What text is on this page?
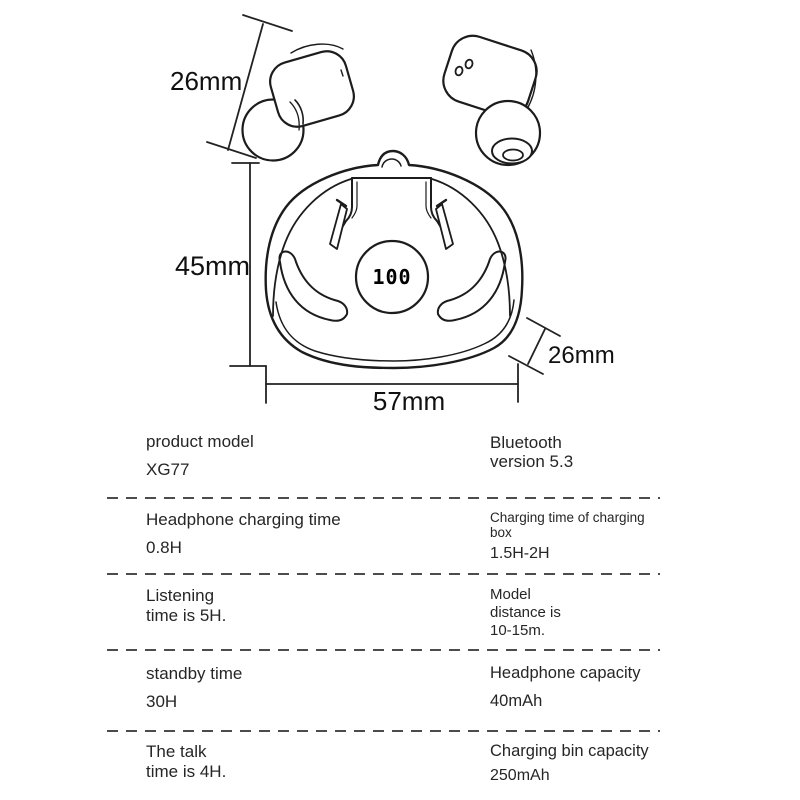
26mm
45mm
57mm
26mm
100
product model
XG77
Bluetooth
version 5.3
Headphone charging time
0.8H
Charging time of charging
box
1.5H-2H
Listening
time is 5H.
Model
distance is
10-15m.
standby time
30H
Headphone capacity
40mAh
The talk
time is 4H.
Charging bin capacity
250mAh
